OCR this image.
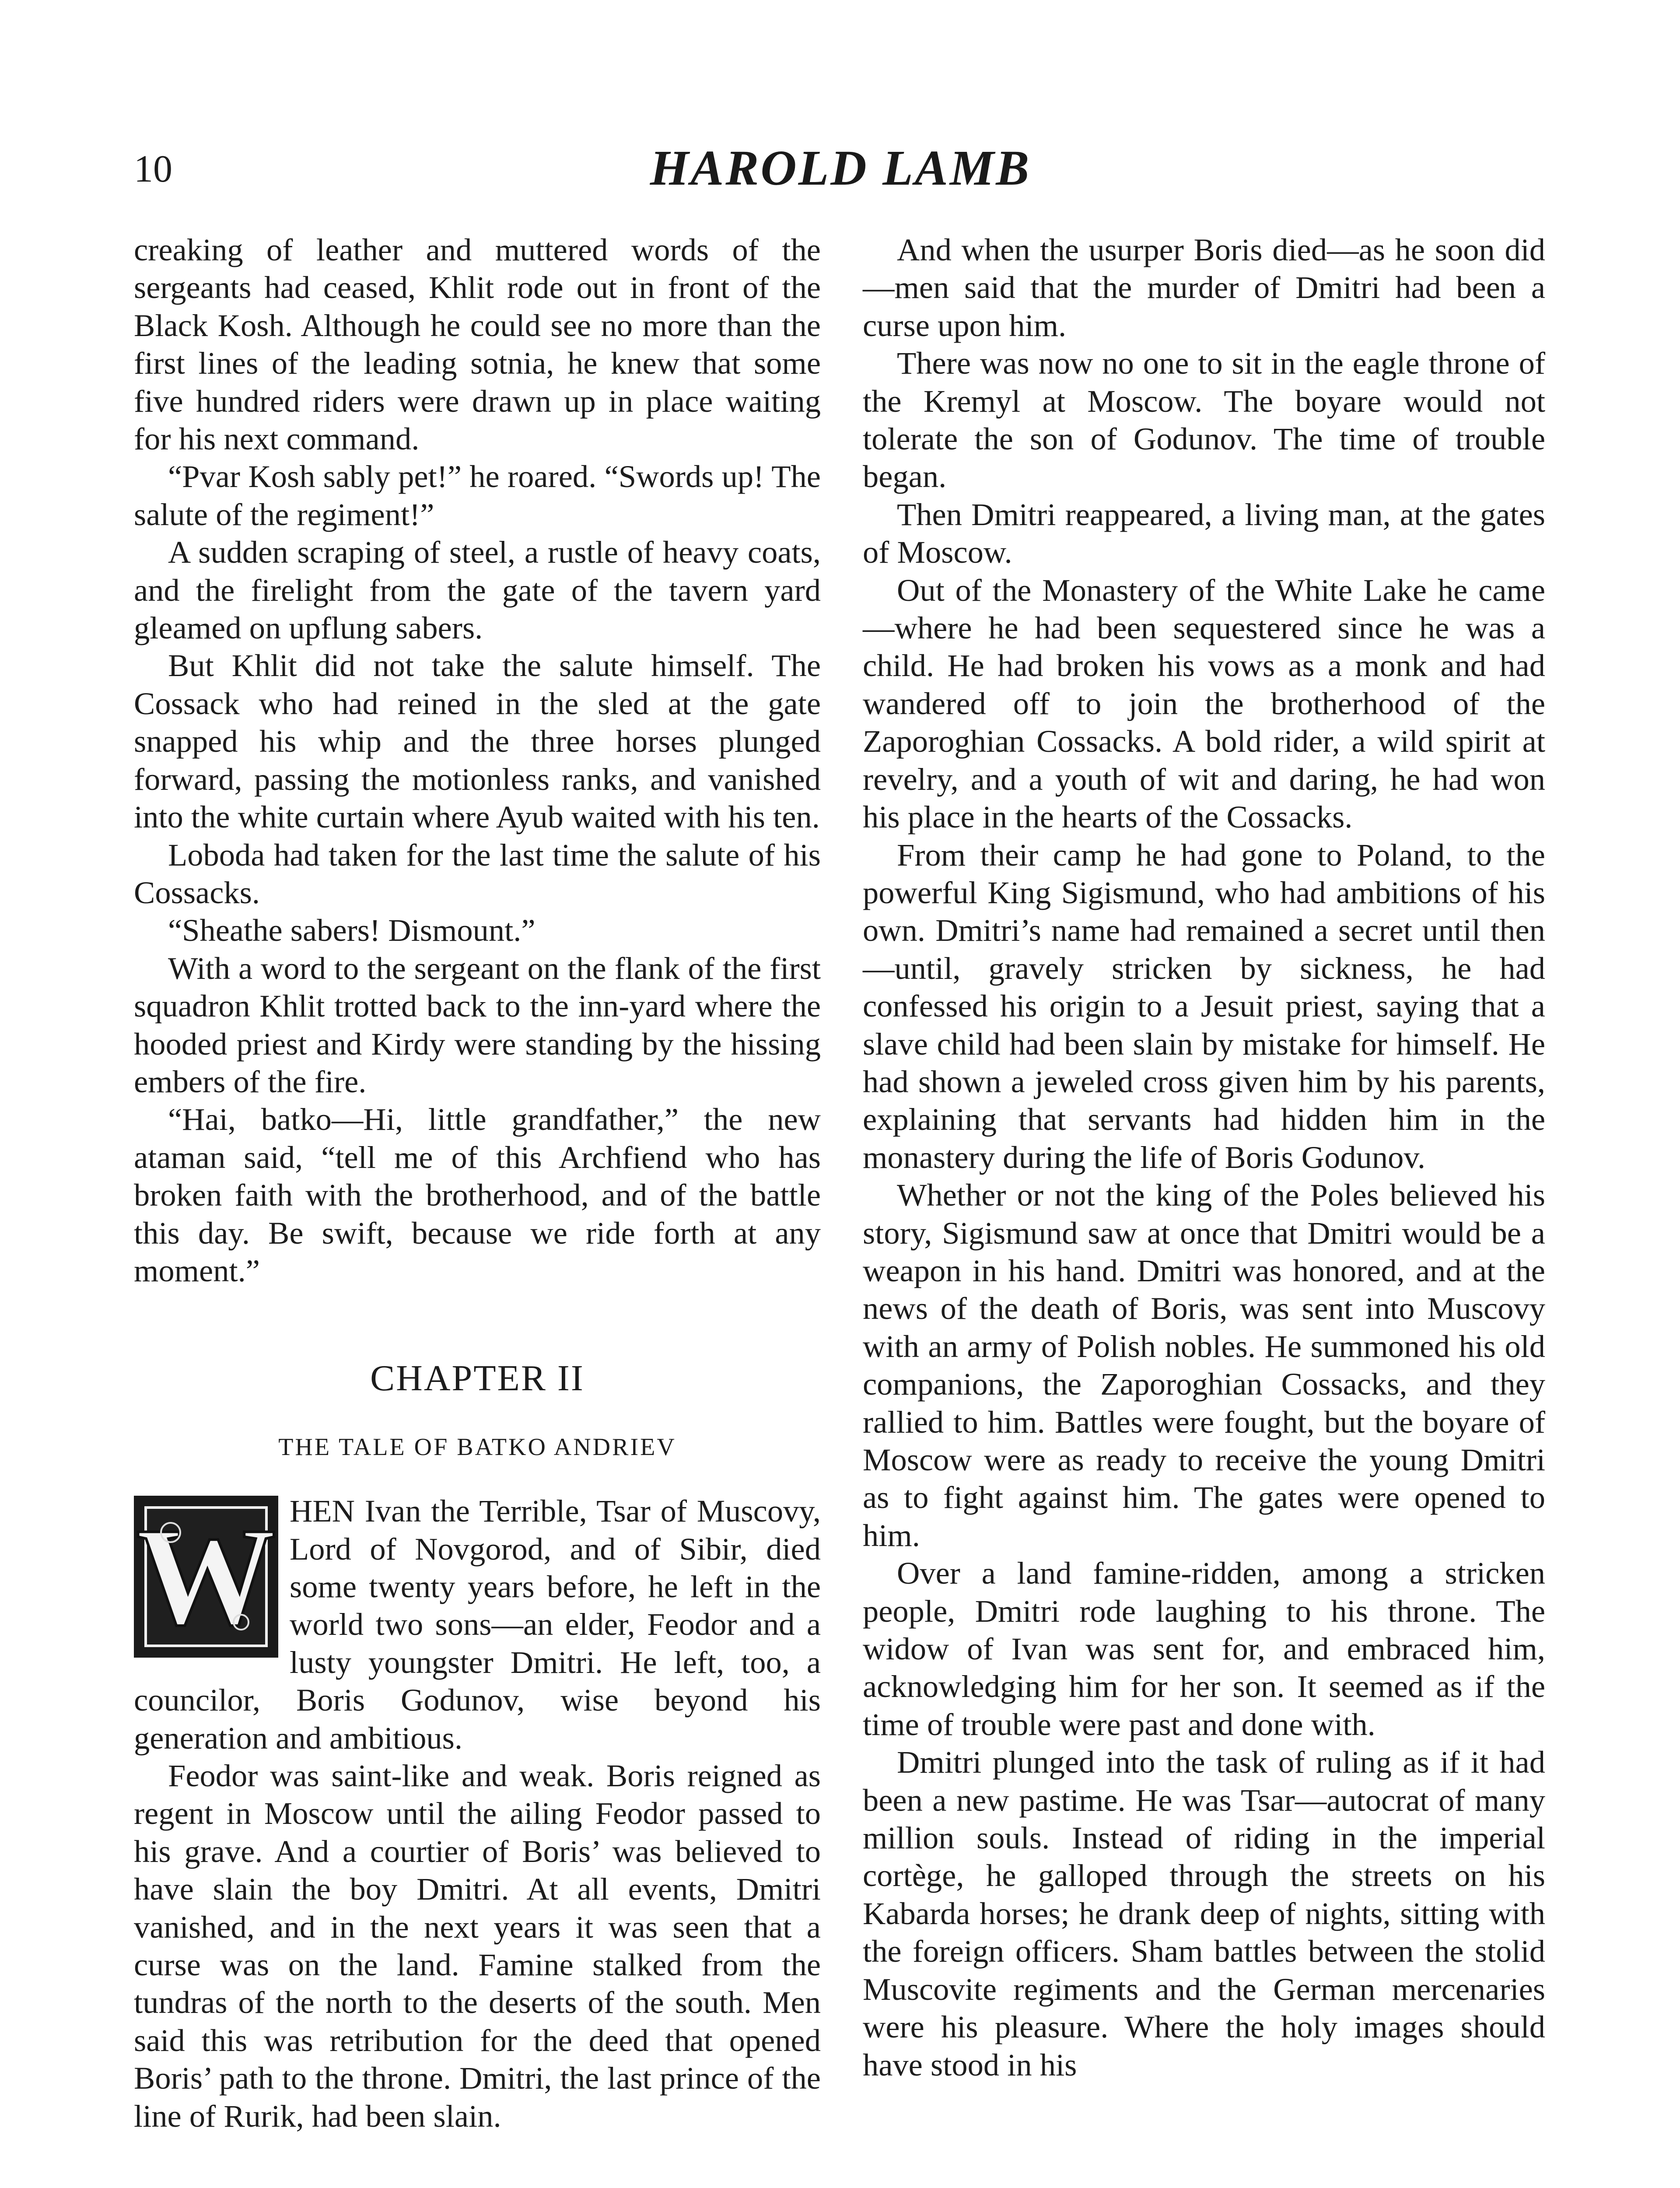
10	HAROLD LAMB

creaking of leather and muttered words of the sergeants had ceased, Khlit rode out in front of the Black Kosh. Although he could see no more than the first lines of the leading sotnia, he knew that some five hundred riders were drawn up in place waiting for his next command.

“Pvar Kosh sably pet!” he roared. “Swords up! The salute of the regiment!”

A sudden scraping of steel, a rustle of heavy coats, and the firelight from the gate of the tavern yard gleamed on upflung sabers.

But Khlit did not take the salute himself. The Cossack who had reined in the sled at the gate snapped his whip and the three horses plunged forward, passing the motionless ranks, and vanished into the white curtain where Ayub waited with his ten.

Loboda had taken for the last time the salute of his Cossacks.

“Sheathe sabers! Dismount.”

With a word to the sergeant on the flank of the first squadron Khlit trotted back to the inn-yard where the hooded priest and Kirdy were standing by the hissing embers of the fire.

“Hai, batko—Hi, little grandfather,” the new ataman said, “tell me of this Archfiend who has broken faith with the brotherhood, and of the battle this day. Be swift, because we ride forth at any moment.”

CHAPTER II
THE TALE OF BATKO ANDRIEV
W HEN Ivan the Terrible, Tsar of Muscovy, Lord of Novgorod, and of Sibir, died some twenty years before, he left in the world two sons—an elder, Feodor and a lusty youngster Dmitri. He left, too, a councilor, Boris Godunov, wise beyond his generation and ambitious.

Feodor was saint-like and weak. Boris reigned as regent in Moscow until the ailing Feodor passed to his grave. And a courtier of Boris’ was believed to have slain the boy Dmitri. At all events, Dmitri vanished, and in the next years it was seen that a curse was on the land. Famine stalked from the tundras of the north to the deserts of the south. Men said this was retribution for the deed that opened Boris’ path to the throne. Dmitri, the last prince of the line of Rurik, had been slain.

And when the usurper Boris died—as he soon did—men said that the murder of Dmitri had been a curse upon him.

There was now no one to sit in the eagle throne of the Kremyl at Moscow. The boyare would not tolerate the son of Godunov. The time of trouble began.

Then Dmitri reappeared, a living man, at the gates of Moscow.

Out of the Monastery of the White Lake he came—where he had been sequestered since he was a child. He had broken his vows as a monk and had wandered off to join the brotherhood of the Zaporoghian Cossacks. A bold rider, a wild spirit at revelry, and a youth of wit and daring, he had won his place in the hearts of the Cossacks.

From their camp he had gone to Poland, to the powerful King Sigismund, who had ambitions of his own. Dmitri’s name had remained a secret until then—until, gravely stricken by sickness, he had confessed his origin to a Jesuit priest, saying that a slave child had been slain by mistake for himself. He had shown a jeweled cross given him by his parents, explaining that servants had hidden him in the monastery during the life of Boris Godunov.

Whether or not the king of the Poles believed his story, Sigismund saw at once that Dmitri would be a weapon in his hand. Dmitri was honored, and at the news of the death of Boris, was sent into Muscovy with an army of Polish nobles. He summoned his old companions, the Zaporoghian Cossacks, and they rallied to him. Battles were fought, but the boyare of Moscow were as ready to receive the young Dmitri as to fight against him. The gates were opened to him.

Over a land famine-ridden, among a stricken people, Dmitri rode laughing to his throne. The widow of Ivan was sent for, and embraced him, acknowledging him for her son. It seemed as if the time of trouble were past and done with.

Dmitri plunged into the task of ruling as if it had been a new pastime. He was Tsar—autocrat of many million souls. Instead of riding in the imperial cortège, he galloped through the streets on his Kabarda horses; he drank deep of nights, sitting with the foreign officers. Sham battles between the stolid Muscovite regiments and the German mercenaries were his pleasure. Where the holy images should have stood in his
